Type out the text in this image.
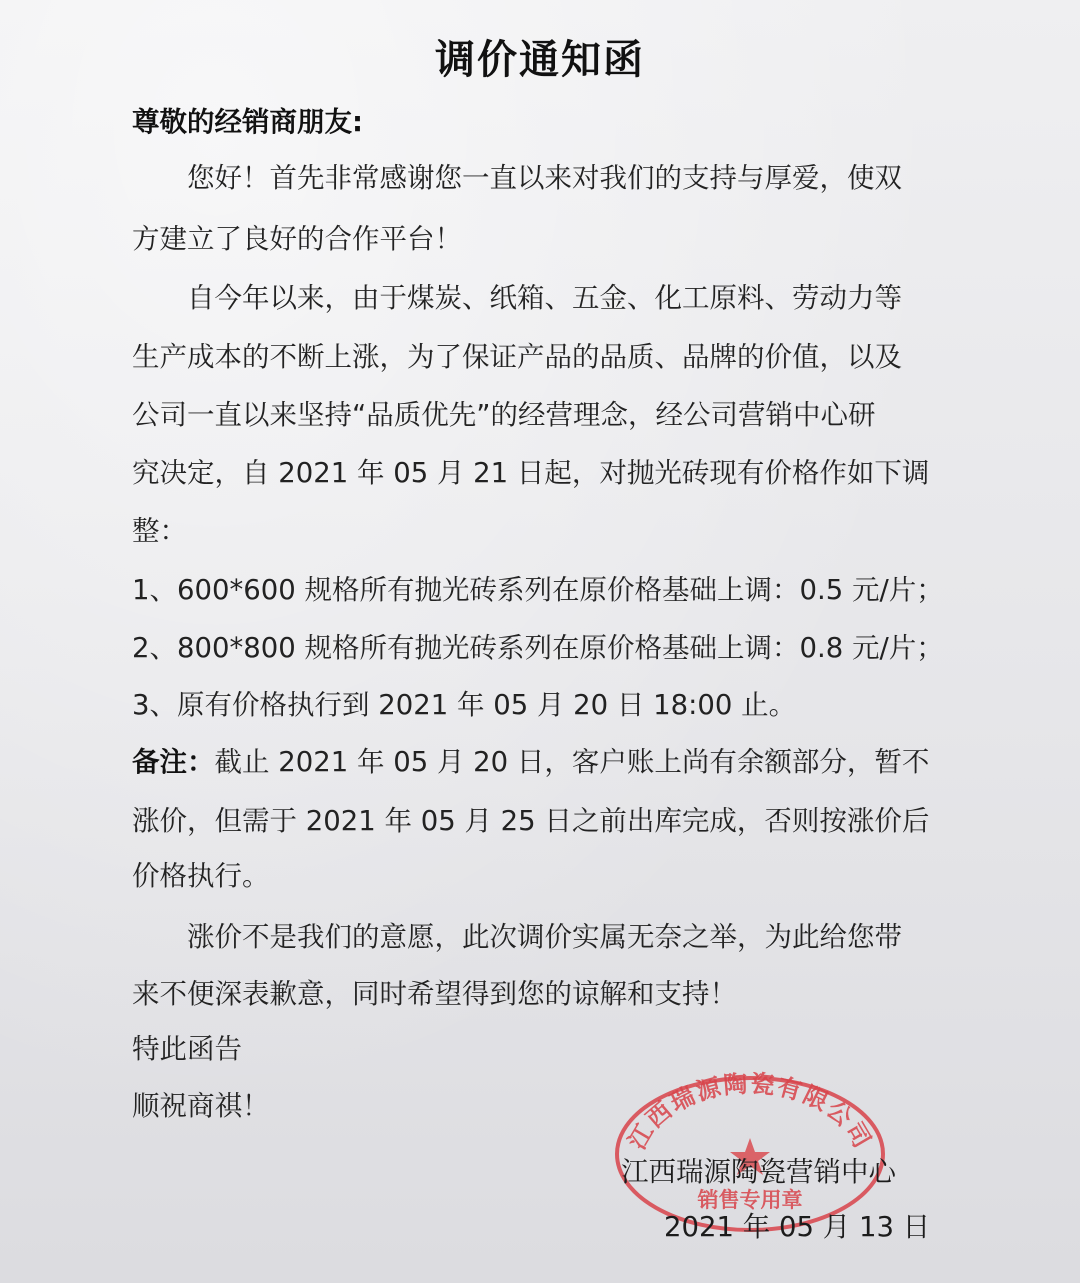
调价通知函
尊敬的经销商朋友:
您好！首先非常感谢您一直以来对我们的支持与厚爱，使双
方建立了良好的合作平台！
自今年以来，由于煤炭、纸箱、五金、化工原料、劳动力等
生产成本的不断上涨，为了保证产品的品质、品牌的价值，以及
公司一直以来坚持“品质优先”的经营理念，经公司营销中心研
究决定，自 2021 年 05 月 21 日起，对抛光砖现有价格作如下调
整：
1、600*600 规格所有抛光砖系列在原价格基础上调：0.5 元/片；
2、800*800 规格所有抛光砖系列在原价格基础上调：0.8 元/片；
3、原有价格执行到 2021 年 05 月 20 日 18:00 止。
备注：截止 2021 年 05 月 20 日，客户账上尚有余额部分，暂不
涨价，但需于 2021 年 05 月 25 日之前出库完成，否则按涨价后
价格执行。
涨价不是我们的意愿，此次调价实属无奈之举，为此给您带
来不便深表歉意，同时希望得到您的谅解和支持！
特此函告
顺祝商祺！
江西瑞源陶瓷有限公司
销售专用章
江西瑞源陶瓷营销中心
2021 年 05 月 13 日
